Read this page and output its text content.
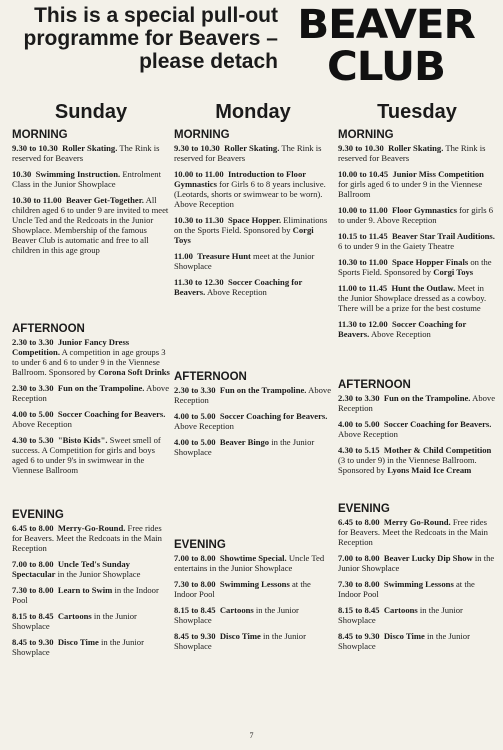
This is a special pull-out
programme for Beavers –
please detach
BEAVER
CLUB
Sunday
MORNING
9.30 to 10.30 Roller Skating. The Rink is reserved for Beavers
10.30 Swimming Instruction. Entrolment Class in the Junior Showplace
10.30 to 11.00 Beaver Get-Together. All children aged 6 to under 9 are invited to meet Uncle Ted and the Redcoats in the Junior Showplace. Membership of the famous Beaver Club is automatic and free to all children in this age group
AFTERNOON
2.30 to 3.30 Junior Fancy Dress Competition. A competition in age groups 3 to under 6 and 6 to under 9 in the Viennese Ballroom. Sponsored by Corona Soft Drinks
2.30 to 3.30 Fun on the Trampoline. Above Reception
4.00 to 5.00 Soccer Coaching for Beavers. Above Reception
4.30 to 5.30 "Bisto Kids". Sweet smell of success. A Competition for girls and boys aged 6 to under 9's in swimwear in the Viennese Ballroom
EVENING
6.45 to 8.00 Merry-Go-Round. Free rides for Beavers. Meet the Redcoats in the Main Reception
7.00 to 8.00 Uncle Ted's Sunday Spectacular in the Junior Showplace
7.30 to 8.00 Learn to Swim in the Indoor Pool
8.15 to 8.45 Cartoons in the Junior Showplace
8.45 to 9.30 Disco Time in the Junior Showplace
Monday
MORNING
9.30 to 10.30 Roller Skating. The Rink is reserved for Beavers
10.00 to 11.00 Introduction to Floor Gymnastics for Girls 6 to 8 years inclusive. (Leotards, shorts or swimwear to be worn). Above Reception
10.30 to 11.30 Space Hopper. Eliminations on the Sports Field. Sponsored by Corgi Toys
11.00 Treasure Hunt meet at the Junior Showplace
11.30 to 12.30 Soccer Coaching for Beavers. Above Reception
AFTERNOON
2.30 to 3.30 Fun on the Trampoline. Above Reception
4.00 to 5.00 Soccer Coaching for Beavers. Above Reception
4.00 to 5.00 Beaver Bingo in the Junior Showplace
EVENING
7.00 to 8.00 Showtime Special. Uncle Ted entertains in the Junior Showplace
7.30 to 8.00 Swimming Lessons at the Indoor Pool
8.15 to 8.45 Cartoons in the Junior Showplace
8.45 to 9.30 Disco Time in the Junior Showplace
Tuesday
MORNING
9.30 to 10.30 Roller Skating. The Rink is reserved for Beavers
10.00 to 10.45 Junior Miss Competition for girls aged 6 to under 9 in the Viennese Ballroom
10.00 to 11.00 Floor Gymnastics for girls 6 to under 9. Above Reception
10.15 to 11.45 Beaver Star Trail Auditions. 6 to under 9 in the Gaiety Theatre
10.30 to 11.00 Space Hopper Finals on the Sports Field. Sponsored by Corgi Toys
11.00 to 11.45 Hunt the Outlaw. Meet in the Junior Showplace dressed as a cowboy. There will be a prize for the best costume
11.30 to 12.00 Soccer Coaching for Beavers. Above Reception
AFTERNOON
2.30 to 3.30 Fun on the Trampoline. Above Reception
4.00 to 5.00 Soccer Coaching for Beavers. Above Reception
4.30 to 5.15 Mother & Child Competition (3 to under 9) in the Viennese Ballroom. Sponsored by Lyons Maid Ice Cream
EVENING
6.45 to 8.00 Merry Go-Round. Free rides for Beavers. Meet the Redcoats in the Main Reception
7.00 to 8.00 Beaver Lucky Dip Show in the Junior Showplace
7.30 to 8.00 Swimming Lessons at the Indoor Pool
8.15 to 8.45 Cartoons in the Junior Showplace
8.45 to 9.30 Disco Time in the Junior Showplace
7
